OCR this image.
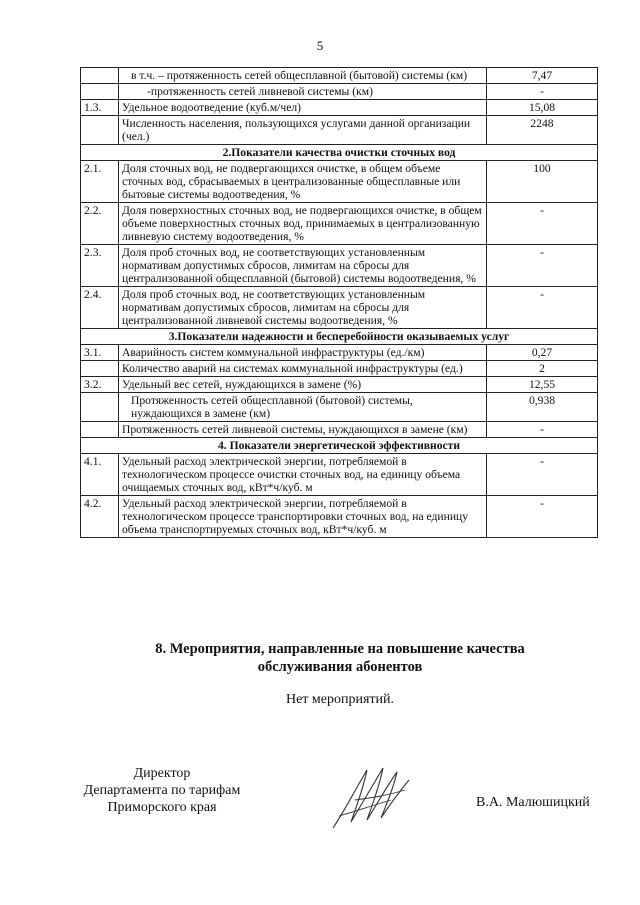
5
	в т.ч. – протяженность сетей общесплавной (бытовой) системы (км)	7,47
	-протяженность сетей ливневой системы (км)	-
1.3.	Удельное водоотведение (куб.м/чел)	15,08
	Численность населения, пользующихся услугами данной организации (чел.)	2248
2.Показатели качества очистки сточных вод		
2.1.	Доля сточных вод, не подвергающихся очистке, в общем объеме сточных вод, сбрасываемых в централизованные общесплавные или бытовые системы водоотведения, %	100
2.2.	Доля поверхностных сточных вод, не подвергающихся очистке, в общем объеме поверхностных сточных вод, принимаемых в централизованную ливневую систему водоотведения, %	-
2.3.	Доля проб сточных вод, не соответствующих установленным нормативам допустимых сбросов, лимитам на сбросы для централизованной общесплавной (бытовой) системы водоотведения, %	-
2.4.	Доля проб сточных вод, не соответствующих установленным нормативам допустимых сбросов, лимитам на сбросы для централизованной ливневой системы водоотведения, %	-
3.Показатели надежности и бесперебойности оказываемых услуг		
3.1.	Аварийность систем коммунальной инфраструктуры (ед./км)	0,27
	Количество аварий на системах коммунальной инфраструктуры (ед.)	2
3.2.	Удельный вес сетей, нуждающихся в замене (%)	12,55
	Протяженность сетей общесплавной (бытовой) системы, нуждающихся в замене (км)	0,938
	Протяженность сетей ливневой системы, нуждающихся в замене (км)	-
4. Показатели энергетической эффективности		
4.1.	Удельный расход электрической энергии, потребляемой в технологическом процессе очистки сточных вод, на единицу объема очищаемых сточных вод, кВт*ч/куб. м	-
4.2.	Удельный расход электрической энергии, потребляемой в технологическом процессе транспортировки сточных вод, на единицу объема транспортируемых сточных вод, кВт*ч/куб. м	-
8. Мероприятия, направленные на повышение качества
обслуживания абонентов
Нет мероприятий.
Директор
Департамента по тарифам
Приморского края	В.А. Малюшицкий
